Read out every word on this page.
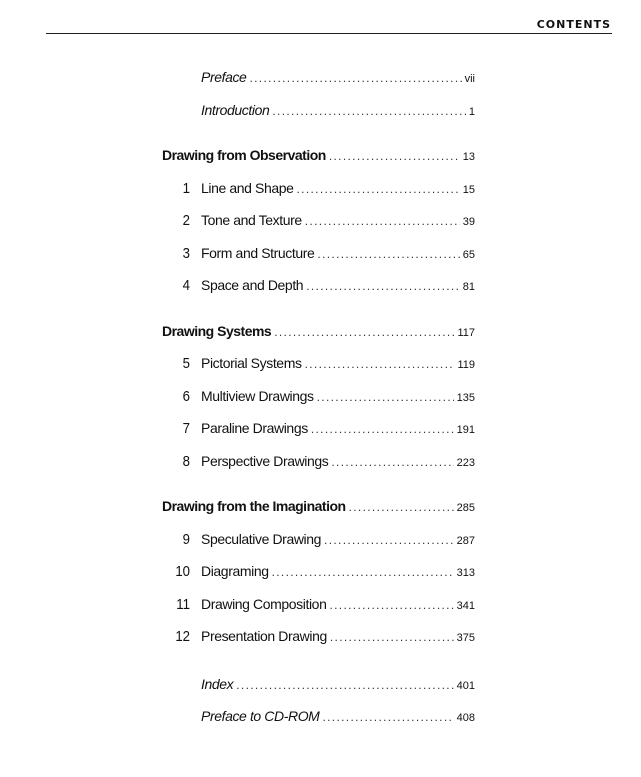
CONTENTS
Preface . . .	vii
Introduction . . .	1
Drawing from Observation . . .	13
1 Line and Shape . . .	15
2 Tone and Texture . . .	39
3 Form and Structure . . .	65
4 Space and Depth . . .	81
Drawing Systems . . .	117
5 Pictorial Systems . . .	119
6 Multiview Drawings . . .	135
7 Paraline Drawings . . .	191
8 Perspective Drawings . . .	223
Drawing from the Imagination . . .	285
9 Speculative Drawing . . .	287
10 Diagraming . . .	313
11 Drawing Composition . . .	341
12 Presentation Drawing . . .	375
Index . . .	401
Preface to CD-ROM . . .	408
